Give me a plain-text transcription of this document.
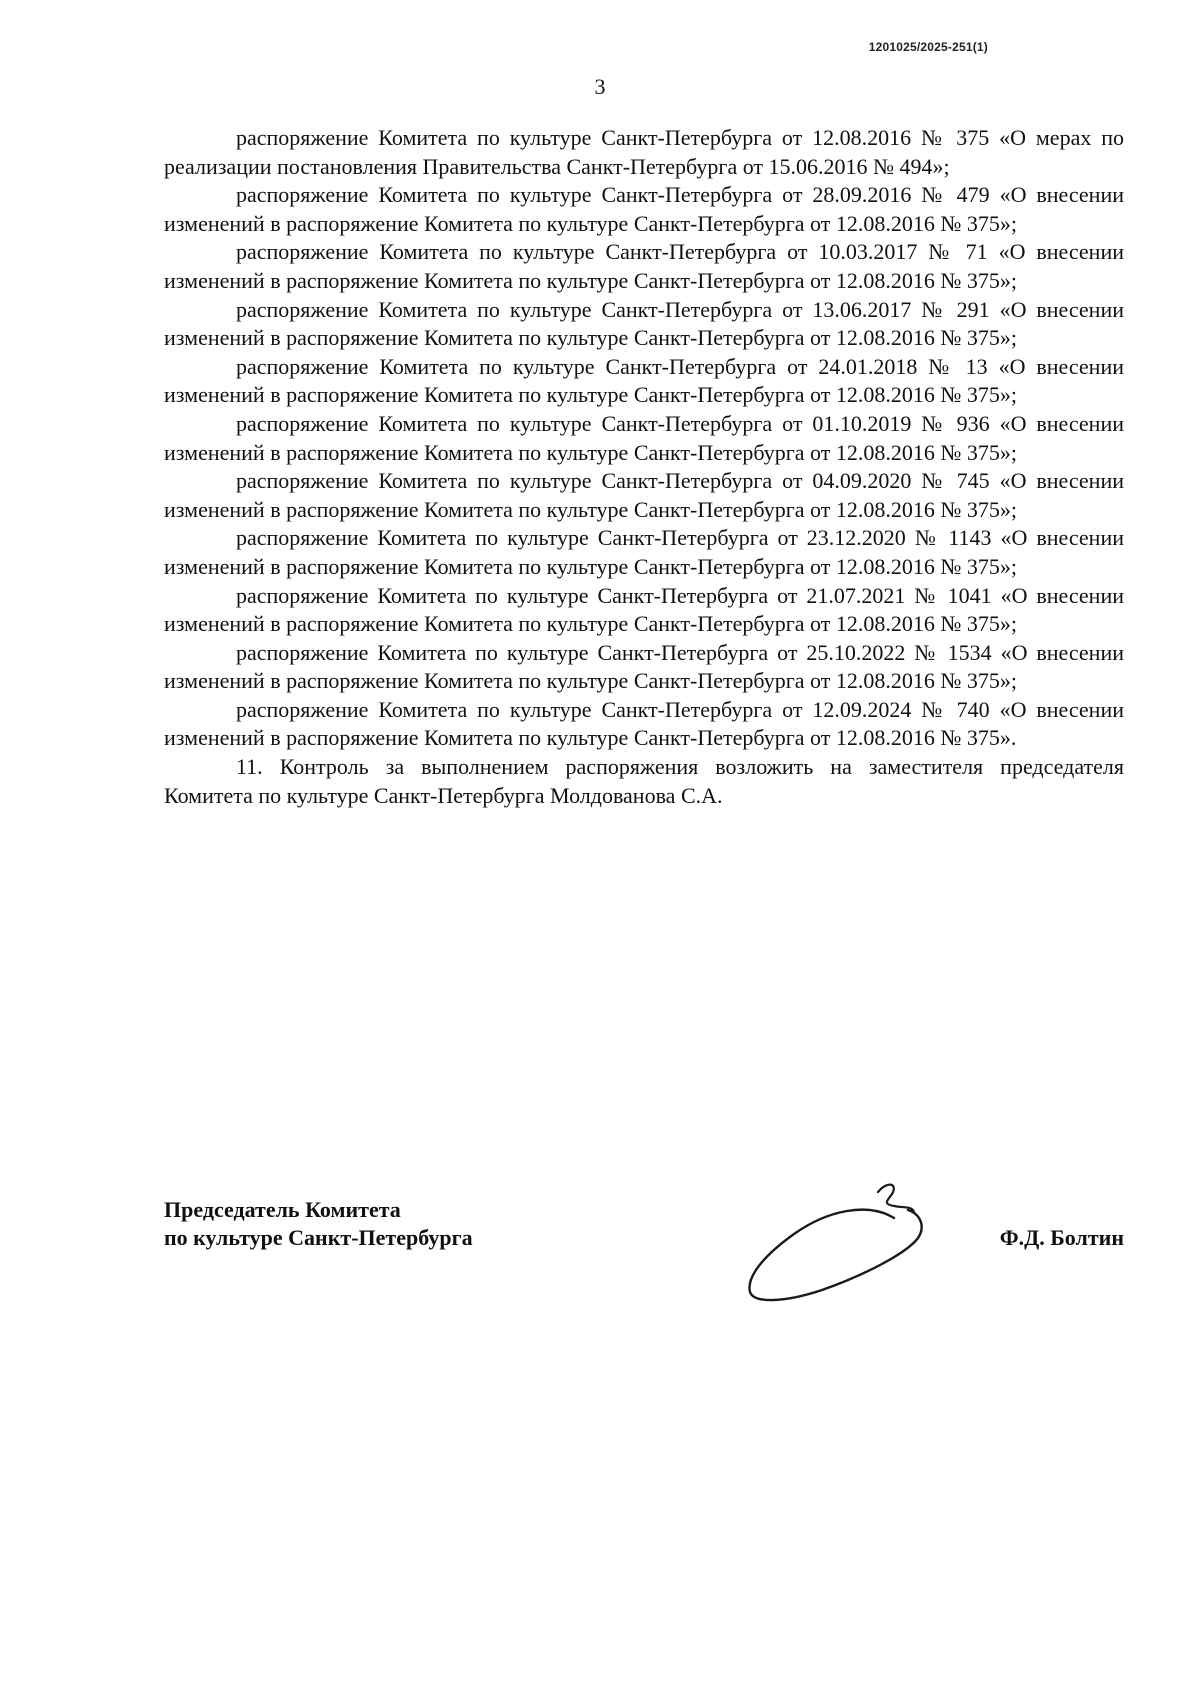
1201025/2025-251(1)
3

распоряжение Комитета по культуре Санкт-Петербурга от 12.08.2016 № 375 «О мерах по реализации постановления Правительства Санкт-Петербурга от 15.06.2016 № 494»;

распоряжение Комитета по культуре Санкт-Петербурга от 28.09.2016 № 479 «О внесении изменений в распоряжение Комитета по культуре Санкт-Петербурга от 12.08.2016 № 375»;

распоряжение Комитета по культуре Санкт-Петербурга от 10.03.2017 № 71 «О внесении изменений в распоряжение Комитета по культуре Санкт-Петербурга от 12.08.2016 № 375»;

распоряжение Комитета по культуре Санкт-Петербурга от 13.06.2017 № 291 «О внесении изменений в распоряжение Комитета по культуре Санкт-Петербурга от 12.08.2016 № 375»;

распоряжение Комитета по культуре Санкт-Петербурга от 24.01.2018 № 13 «О внесении изменений в распоряжение Комитета по культуре Санкт-Петербурга от 12.08.2016 № 375»;

распоряжение Комитета по культуре Санкт-Петербурга от 01.10.2019 № 936 «О внесении изменений в распоряжение Комитета по культуре Санкт-Петербурга от 12.08.2016 № 375»;

распоряжение Комитета по культуре Санкт-Петербурга от 04.09.2020 № 745 «О внесении изменений в распоряжение Комитета по культуре Санкт-Петербурга от 12.08.2016 № 375»;

распоряжение Комитета по культуре Санкт-Петербурга от 23.12.2020 № 1143 «О внесении изменений в распоряжение Комитета по культуре Санкт-Петербурга от 12.08.2016 № 375»;

распоряжение Комитета по культуре Санкт-Петербурга от 21.07.2021 № 1041 «О внесении изменений в распоряжение Комитета по культуре Санкт-Петербурга от 12.08.2016 № 375»;

распоряжение Комитета по культуре Санкт-Петербурга от 25.10.2022 № 1534 «О внесении изменений в распоряжение Комитета по культуре Санкт-Петербурга от 12.08.2016 № 375»;

распоряжение Комитета по культуре Санкт-Петербурга от 12.09.2024 № 740 «О внесении изменений в распоряжение Комитета по культуре Санкт-Петербурга от 12.08.2016 № 375».

11. Контроль за выполнением распоряжения возложить на заместителя председателя Комитета по культуре Санкт-Петербурга Молдованова С.А.

Председатель Комитета
по культуре Санкт-Петербурга	Ф.Д. Болтин
